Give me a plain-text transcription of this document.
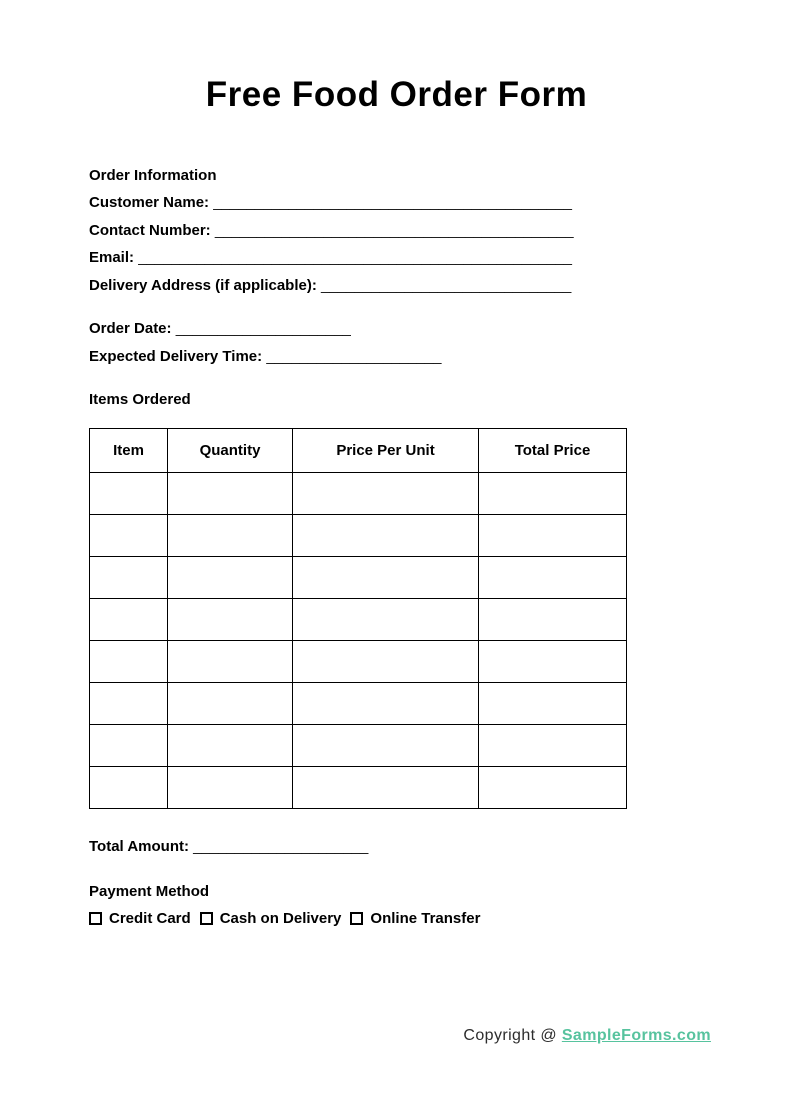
Free Food Order Form
Order Information
Customer Name: ___________________________________________
Contact Number: ___________________________________________
Email: ____________________________________________________
Delivery Address (if applicable): ______________________________
Order Date: _____________________
Expected Delivery Time: _____________________
Items Ordered
Item	Quantity	Price Per Unit	Total Price

Total Amount: _____________________
Payment Method
Credit Card Cash on Delivery Online Transfer
Copyright @ SampleForms.com
